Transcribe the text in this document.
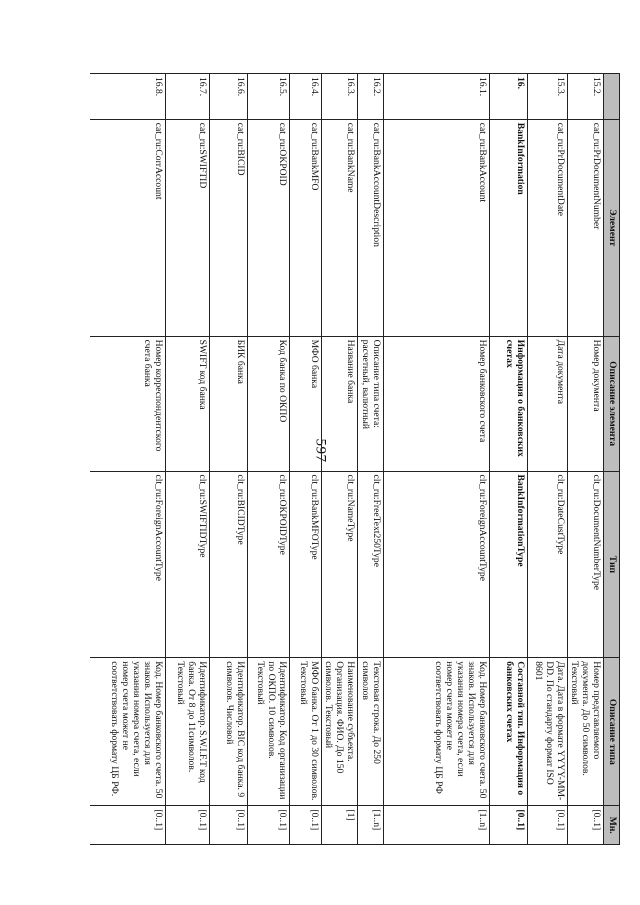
597
	Элемент	Описание элемента	Тип	Описание типа	Мн.
15.2.	cat_ru:PrDocumentNumber	Номер документа	clt_ru:DocumentNumberType	Номер представляемого документа. До 50 символов. Текстовый	[0..1]
15.3.	cat_ru:PrDocumentDate	Дата документа	clt_ru:DateCustType	Дата. Дата в формате YYYY-MM-DD. По стандарту формат ISO 8601	[0..1]
16.	BankInformation	Информация о банковских счетах	BankInformationType	Составной тип. Информация о банковских счетах	[0..1]
16.1.	cat_ru:BankAccount	Номер банковского счета	clt_ru:ForeignAccountType	Код. Номер банковского счета. 50 знаков. Используется для указания номера счета, если номер счета может не соответствовать формату ЦБ РФ	[1..n]
16.2.	cat_ru:BankAccountDescription	Описание типа счета: расчетный, валютный	clt_ru:FreeText250Type	Текстовая строка. До 250 символов	[1..n]
16.3.	cat_ru:BankName	Название банка	clt_ru:NameType	Наименование субъекта. Организация. ФИО. До 150 символов. Текстовый	[1]
16.4.	cat_ru:BankMFO	МФО банка	clt_ru:BankMFOType	МФО банка. От 1 до 30 символов. Текстовый	[0..1]
16.5.	cat_ru:OKPOID	Код банка по ОКПО	clt_ru:OKPOIDType	Идентификатор. Код организации по ОКПО. 10 символов. Текстовый	[0..1]
16.6.	cat_ru:BICID	БИК банка	clt_ru:BICIDType	Идентификатор. BIC код банка. 9 символов. Числовой	[0..1]
16.7.	cat_ru:SWIFTID	SWIFT код банка	clt_ru:SWIFTIDType	Идентификатор. S.W.I.F.T код банка. От 8 до 11символов. Текстовый	[0..1]
16.8.	cat_ru:CorrAccount	Номер корреспондентского счета банка	clt_ru:ForeignAccountType	Код. Номер банковского счета. 50 знаков. Используется для указания номера счета, если номер счета может не соответствовать формату ЦБ РФ.	[0..1]
